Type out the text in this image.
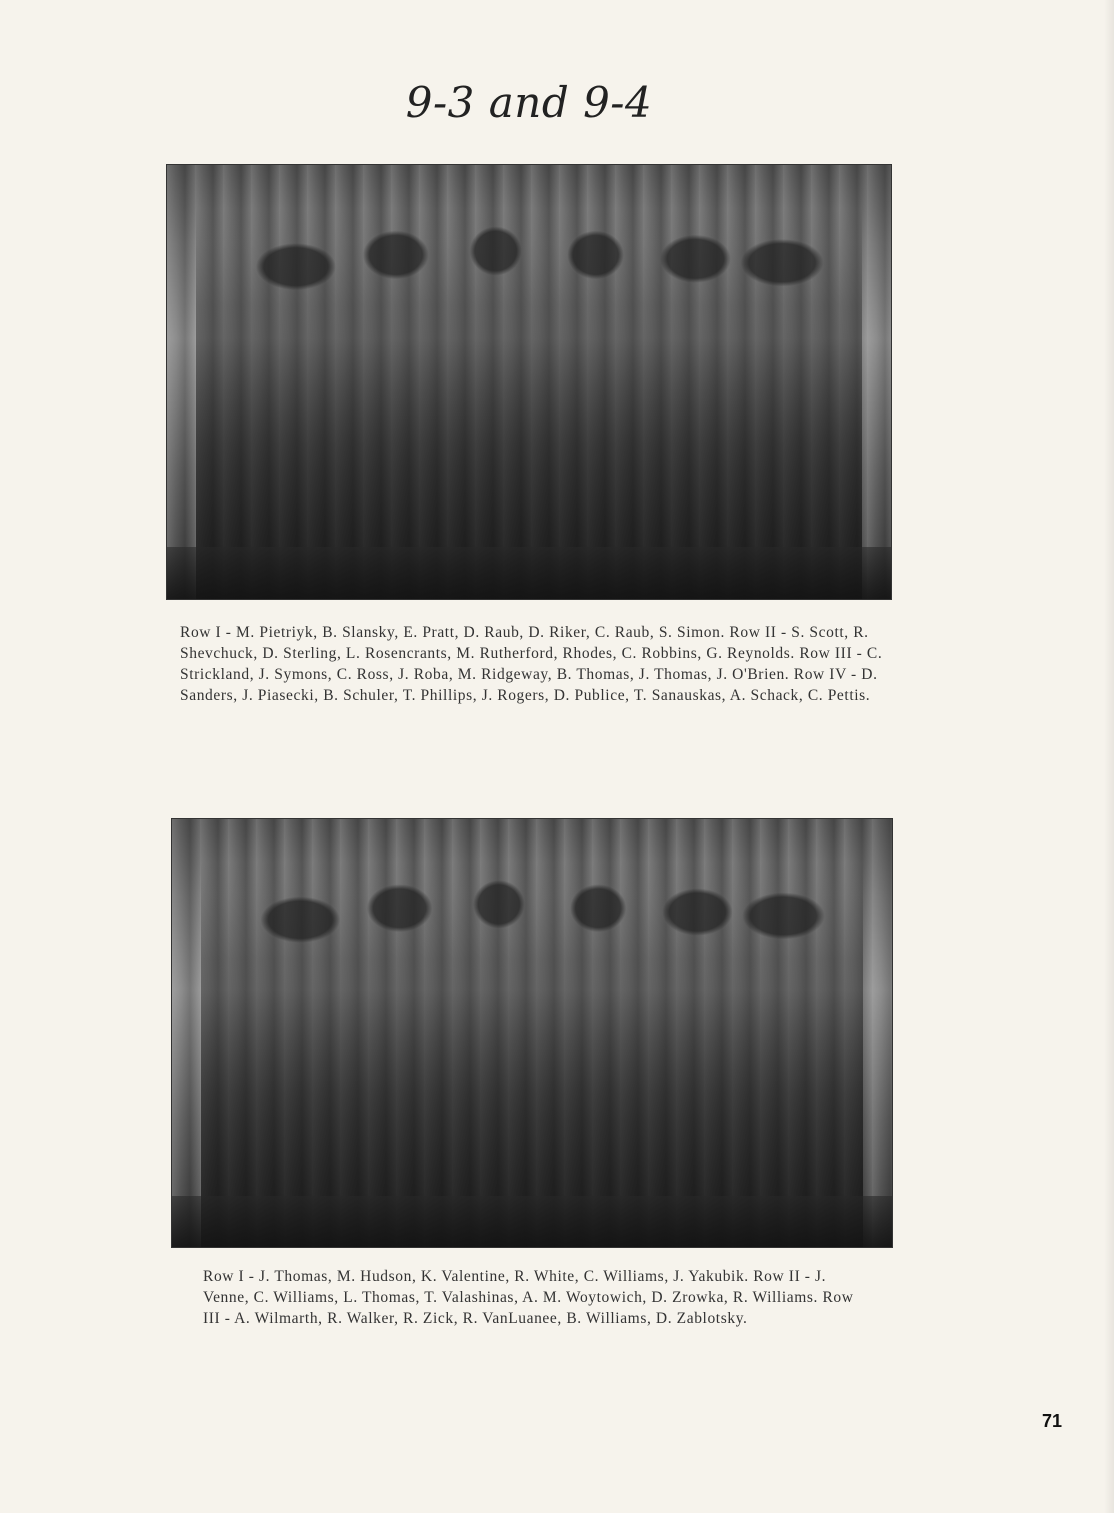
9-3 and 9-4
Row I - M. Pietriyk, B. Slansky, E. Pratt, D. Raub, D. Riker, C. Raub, S. Simon. Row II - S. Scott, R. Shevchuck, D. Sterling, L. Rosencrants, M. Rutherford, Rhodes, C. Robbins, G. Reynolds. Row III - C. Strickland, J. Symons, C. Ross, J. Roba, M. Ridgeway, B. Thomas, J. Thomas, J. O'Brien. Row IV - D. Sanders, J. Piasecki, B. Schuler, T. Phillips, J. Rogers, D. Publice, T. Sanauskas, A. Schack, C. Pettis.
Row I - J. Thomas, M. Hudson, K. Valentine, R. White, C. Williams, J. Yakubik. Row II - J. Venne, C. Williams, L. Thomas, T. Valashinas, A. M. Woytowich, D. Zrowka, R. Williams. Row III - A. Wilmarth, R. Walker, R. Zick, R. VanLuanee, B. Williams, D. Zablotsky.
71
